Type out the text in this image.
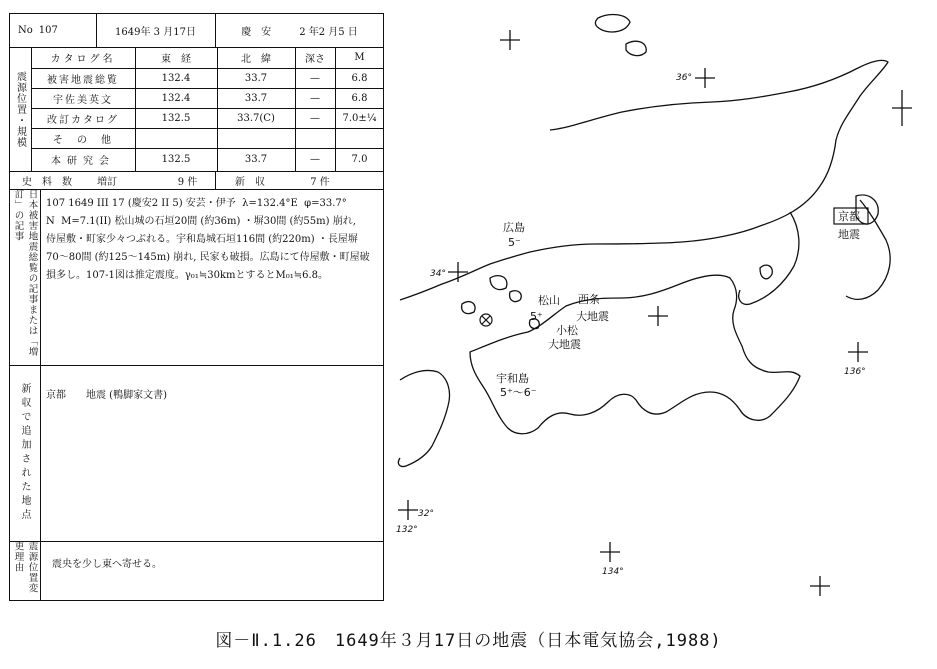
No 107	1649年 3 月17日	慶　安	2 年2 月5 日
震源位置・規模
カタログ名	東　経	北　緯	深さ	M
被害地震総覧	132.4	33.7	—	6.8
宇佐美英文	132.4	33.7	—	6.8
改訂カタログ	132.5	33.7(C)	—	7.0±¼
そ　の　他
本研究会	132.5	33.7	—	7.0
史　料　数	増訂	9 件	新　収	7 件
日本被害地震総覧の記事または「増訂」の記事	107 1649 III 17 (慶安2 II 5) 安芸・伊予  λ=132.4°E  φ=33.7°
N  M=7.1(II) 松山城の石垣20間 (約36m) ・塀30間 (約55m) 崩れ,
侍屋敷・町家少々つぶれる。宇和島城石垣116間 (約220m) ・長屋塀
70～80間 (約125～145m) 崩れ, 民家も破損。広島にて侍屋敷・町屋破
損多し。107-1図は推定震度。γ₀₁≒30kmとするとM₀₁≒6.8。
新収で追加された地点	京都　　地震 (鴨脚家文書)
震源位置変更理由	震央を少し東へ寄せる。
広島
5⁻
松山
5⁺
西条
大地震
小松
大地震
宇和島
5⁺～6⁻
京都
地震
36°
34°
136°
32°
132°
134°
図－Ⅱ.1.26　1649年３月17日の地震（日本電気協会,1988)
